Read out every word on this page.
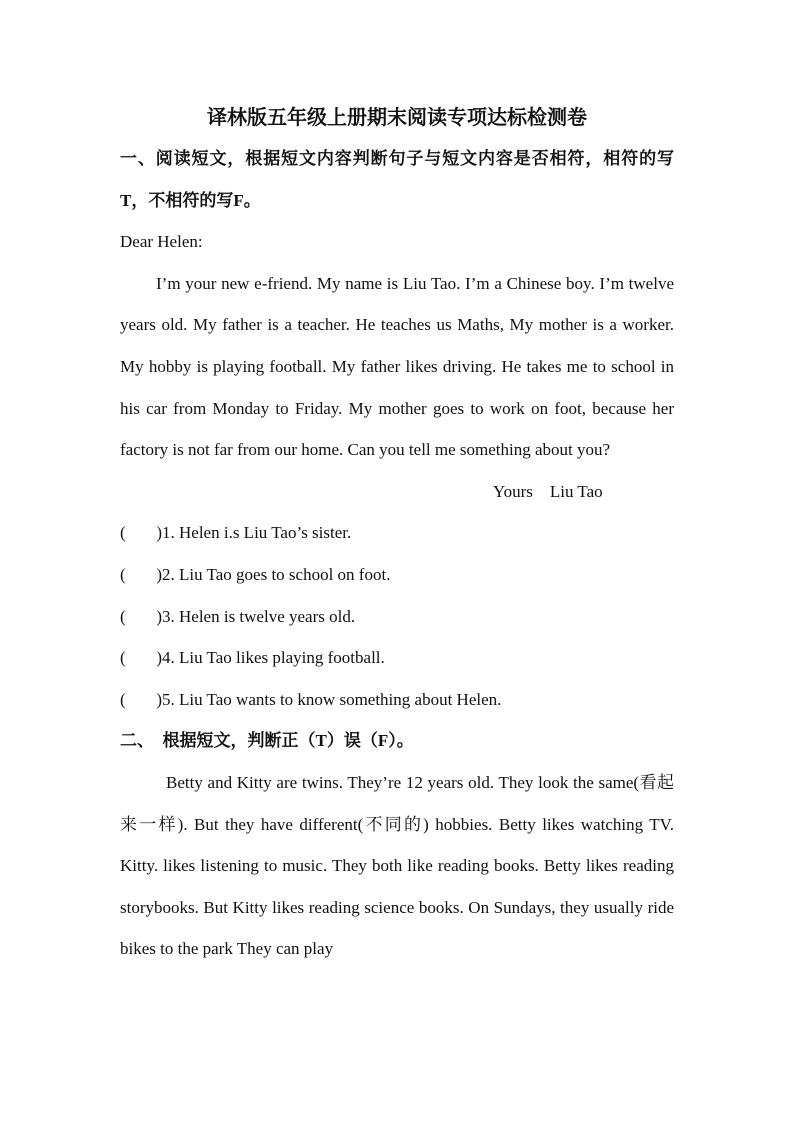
译林版五年级上册期末阅读专项达标检测卷

一、阅读短文，根据短文内容判断句子与短文内容是否相符，相符的写T，不相符的写F。

Dear Helen:

I’m your new e-friend. My name is Liu Tao. I’m a Chinese boy. I’m twelve years old. My father is a teacher. He teaches us Maths, My mother is a worker. My hobby is playing football. My father likes driving. He takes me to school in his car from Monday to Friday. My mother goes to work on foot, because her factory is not far from our home. Can you tell me something about you?

Yours    Liu Tao

( )
1. Helen i.s Liu Tao’s sister.
( )
2. Liu Tao goes to school on foot.
( )
3. Helen is twelve years old.
( )
4. Liu Tao likes playing football.
( )
5. Liu Tao wants to know something about Helen.

二、  根据短文，判断正（T）误（F）。

Betty and Kitty are twins. They’re 12 years old. They look the same(看起来一样). But they have different(不同的) hobbies. Betty likes watching TV. Kitty. likes listening to music. They both like reading books. Betty likes reading storybooks. But Kitty likes reading science books. On Sundays, they usually ride bikes to the park They can play
